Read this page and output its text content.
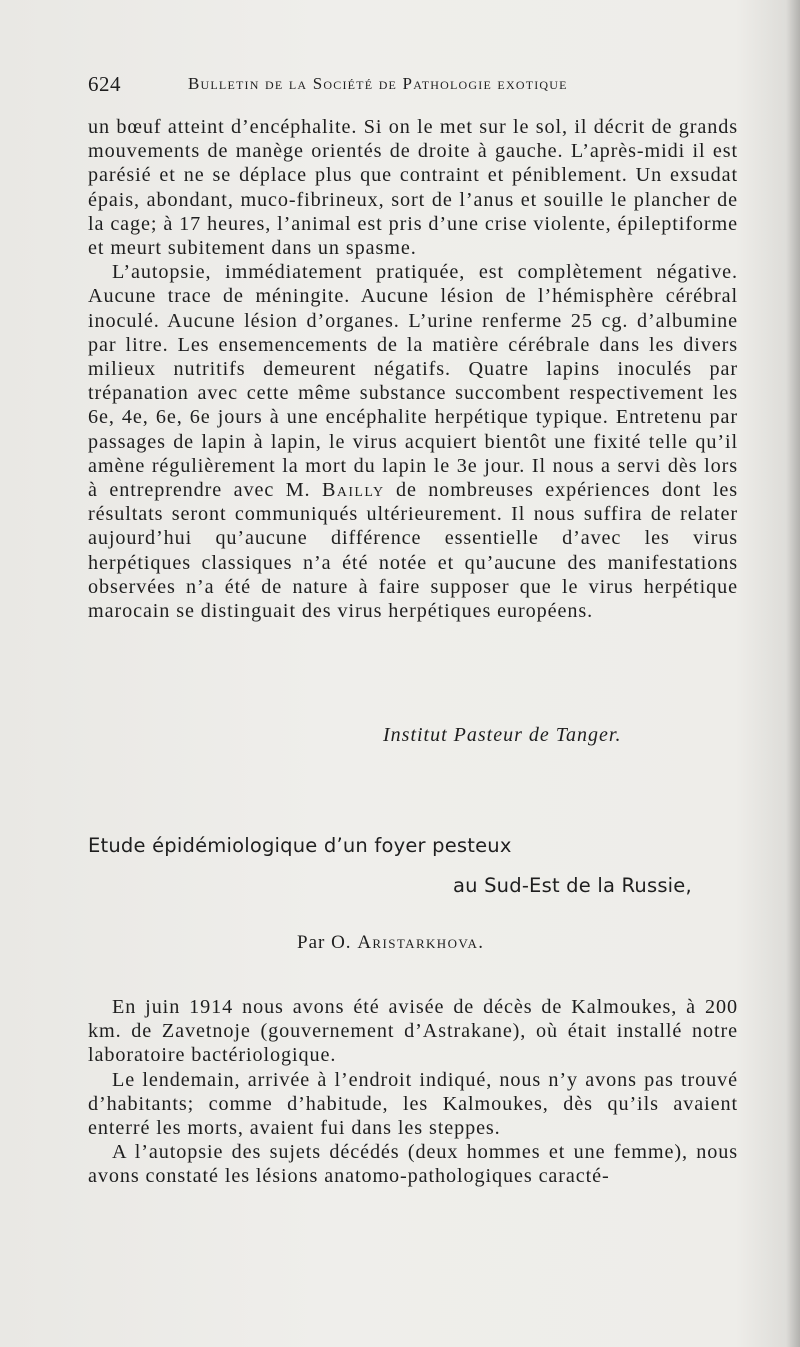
624	Bulletin de la Société de Pathologie exotique

un bœuf atteint d’encéphalite. Si on le met sur le sol, il décrit de grands mouvements de manège orientés de droite à gauche. L’après-midi il est parésié et ne se déplace plus que contraint et péniblement. Un exsudat épais, abondant, muco-fibrineux, sort de l’anus et souille le plancher de la cage; à 17 heures, l’animal est pris d’une crise violente, épileptiforme et meurt subitement dans un spasme.

L’autopsie, immédiatement pratiquée, est complètement négative. Aucune trace de méningite. Aucune lésion de l’hémisphère cérébral inoculé. Aucune lésion d’organes. L’urine renferme 25 cg. d’albumine par litre. Les ensemencements de la matière cérébrale dans les divers milieux nutritifs demeurent négatifs. Quatre lapins inoculés par trépanation avec cette même substance succombent respectivement les 6e, 4e, 6e, 6e jours à une encéphalite herpétique typique. Entretenu par passages de lapin à lapin, le virus acquiert bientôt une fixité telle qu’il amène régulièrement la mort du lapin le 3e jour. Il nous a servi dès lors à entreprendre avec M. Bailly de nombreuses expériences dont les résultats seront communiqués ultérieurement. Il nous suffira de relater aujourd’hui qu’aucune différence essentielle d’avec les virus herpétiques classiques n’a été notée et qu’aucune des manifestations observées n’a été de nature à faire supposer que le virus herpétique marocain se distinguait des virus herpétiques européens.

Institut Pasteur de Tanger.
Etude épidémiologique d’un foyer pesteux
au Sud-Est de la Russie,
Par O. Aristarkhova.

En juin 1914 nous avons été avisée de décès de Kalmoukes, à 200 km. de Zavetnoje (gouvernement d’Astrakane), où était installé notre laboratoire bactériologique.

Le lendemain, arrivée à l’endroit indiqué, nous n’y avons pas trouvé d’habitants; comme d’habitude, les Kalmoukes, dès qu’ils avaient enterré les morts, avaient fui dans les steppes.

A l’autopsie des sujets décédés (deux hommes et une femme), nous avons constaté les lésions anatomo-pathologiques caracté-
